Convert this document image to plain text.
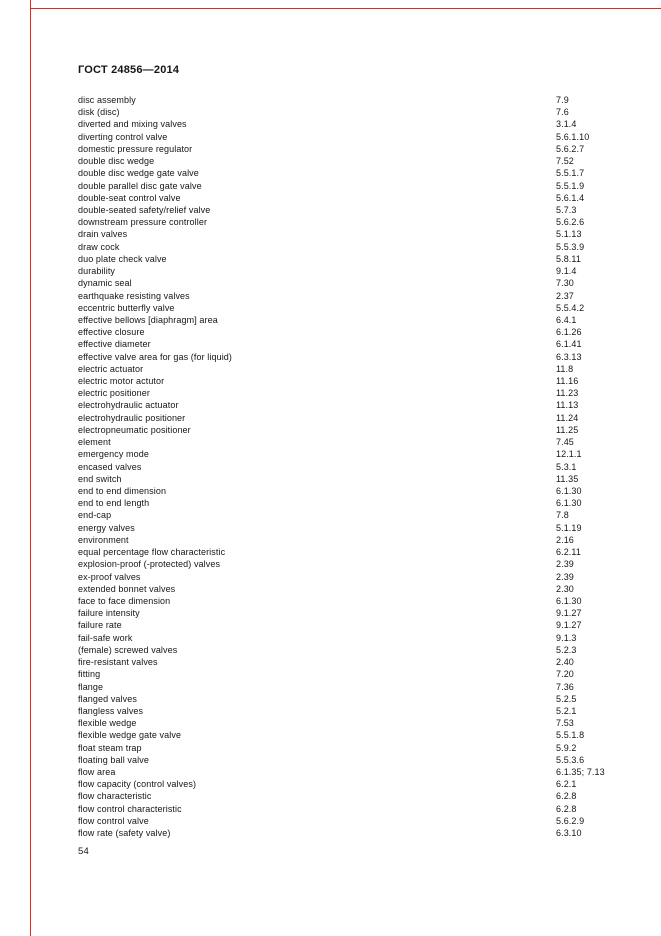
ГОСТ 24856—2014
disc assembly	7.9
disk (disc)	7.6
diverted and mixing valves	3.1.4
diverting control valve	5.6.1.10
domestic pressure regulator	5.6.2.7
double disc wedge	7.52
double disc wedge gate valve	5.5.1.7
double parallel disc gate valve	5.5.1.9
double-seat control valve	5.6.1.4
double-seated safety/relief valve	5.7.3
downstream pressure controller	5.6.2.6
drain valves	5.1.13
draw cock	5.5.3.9
duo plate check valve	5.8.11
durability	9.1.4
dynamic seal	7.30
earthquake resisting valves	2.37
eccentric butterfly valve	5.5.4.2
effective bellows [diaphragm] area	6.4.1
effective closure	6.1.26
effective diameter	6.1.41
effective valve area for gas (for liquid)	6.3.13
electric actuator	11.8
electric motor actutor	11.16
electric positioner	11.23
electrohydraulic actuator	11.13
electrohydraulic positioner	11.24
electropneumatic positioner	11.25
element	7.45
emergency mode	12.1.1
encased valves	5.3.1
end switch	11.35
end to end dimension	6.1.30
end to end length	6.1.30
end-cap	7.8
energy valves	5.1.19
environment	2.16
equal percentage flow characteristic	6.2.11
explosion-proof (-protected) valves	2.39
ex-proof valves	2.39
extended bonnet valves	2.30
face to face dimension	6.1.30
failure intensity	9.1.27
failure rate	9.1.27
fail-safe work	9.1.3
(female) screwed valves	5.2.3
fire-resistant valves	2.40
fitting	7.20
flange	7.36
flanged valves	5.2.5
flangless valves	5.2.1
flexible wedge	7.53
flexible wedge gate valve	5.5.1.8
float steam trap	5.9.2
floating ball valve	5.5.3.6
flow area	6.1.35; 7.13
flow capacity (control valves)	6.2.1
flow characteristic	6.2.8
flow control characteristic	6.2.8
flow control valve	5.6.2.9
flow rate (safety valve)	6.3.10
54
